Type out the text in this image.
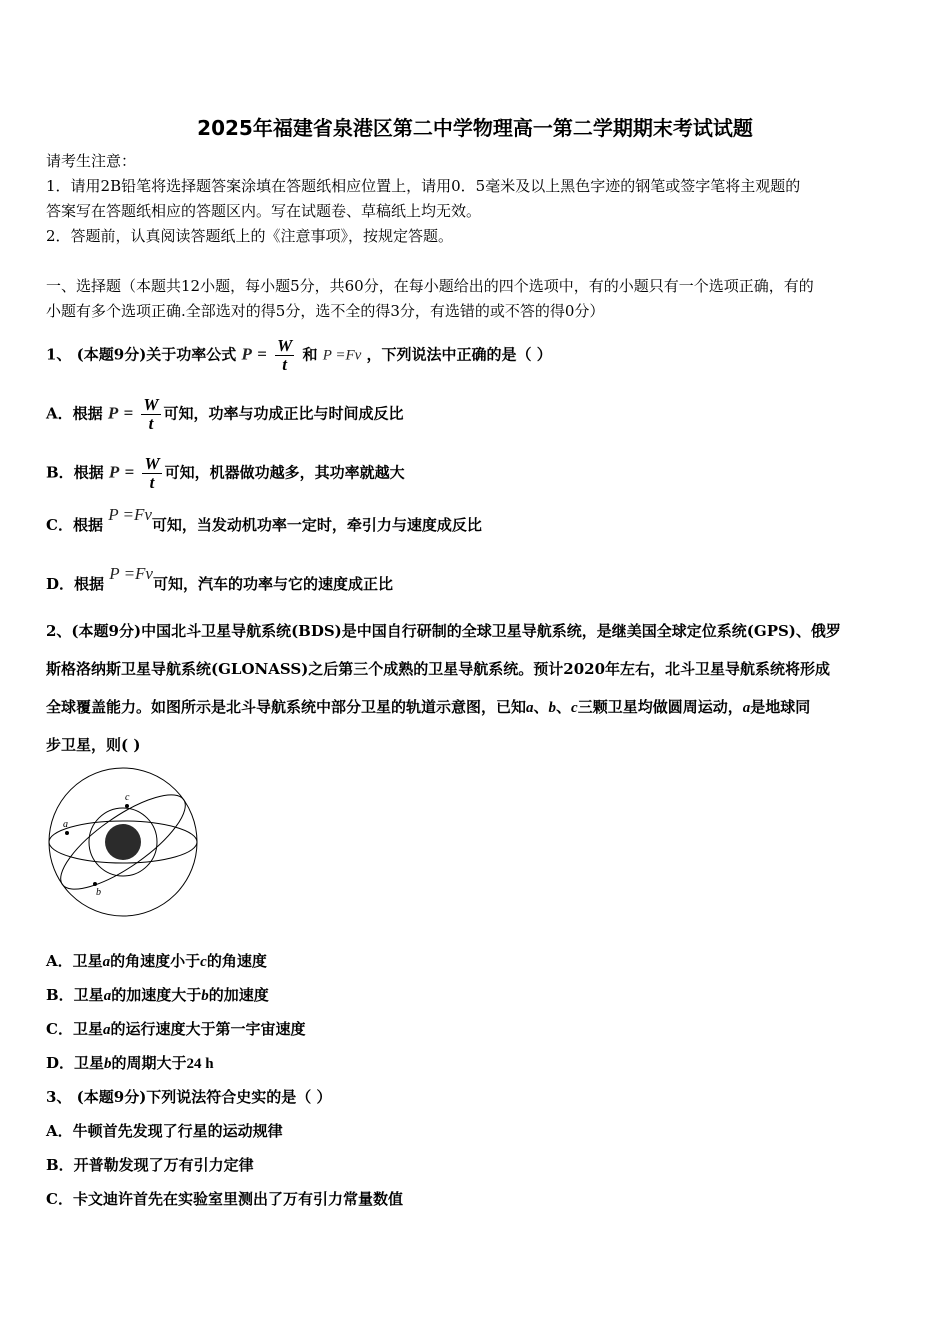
2025年福建省泉港区第二中学物理高一第二学期期末考试试题
请考生注意：
1．请用2B铅笔将选择题答案涂填在答题纸相应位置上，请用0．5毫米及以上黑色字迹的钢笔或签字笔将主观题的
答案写在答题纸相应的答题区内。写在试题卷、草稿纸上均无效。
2．答题前，认真阅读答题纸上的《注意事项》，按规定答题。
一、选择题（本题共12小题，每小题5分，共60分，在每小题给出的四个选项中，有的小题只有一个选项正确，有的
小题有多个选项正确.全部选对的得5分，选不全的得3分，有选错的或不答的得0分）
1、 (本题9分)关于功率公式 $P = \frac{W}{t}$ 和 P =Fv ，下列说法中正确的是（ ）
A．根据 $P = \frac{W}{t}$ 可知，功率与功成正比与时间成反比
B．根据 $P = \frac{W}{t}$ 可知，机器做功越多，其功率就越大
C．根据 P =Fv可知，当发动机功率一定时，牵引力与速度成反比
D．根据 P =Fv可知，汽车的功率与它的速度成正比
2、(本题9分)中国北斗卫星导航系统(BDS)是中国自行研制的全球卫星导航系统，是继美国全球定位系统(GPS)、俄罗
斯格洛纳斯卫星导航系统(GLONASS)之后第三个成熟的卫星导航系统。预计2020年左右，北斗卫星导航系统将形成
全球覆盖能力。如图所示是北斗导航系统中部分卫星的轨道示意图，已知a、b、c三颗卫星均做圆周运动，a是地球同
步卫星，则( )
a
c
b
A．卫星a的角速度小于c的角速度
B．卫星a的加速度大于b的加速度
C．卫星a的运行速度大于第一宇宙速度
D．卫星b的周期大于24 h
3、 (本题9分)下列说法符合史实的是（ ）
A．牛顿首先发现了行星的运动规律
B．开普勒发现了万有引力定律
C．卡文迪许首先在实验室里测出了万有引力常量数值
